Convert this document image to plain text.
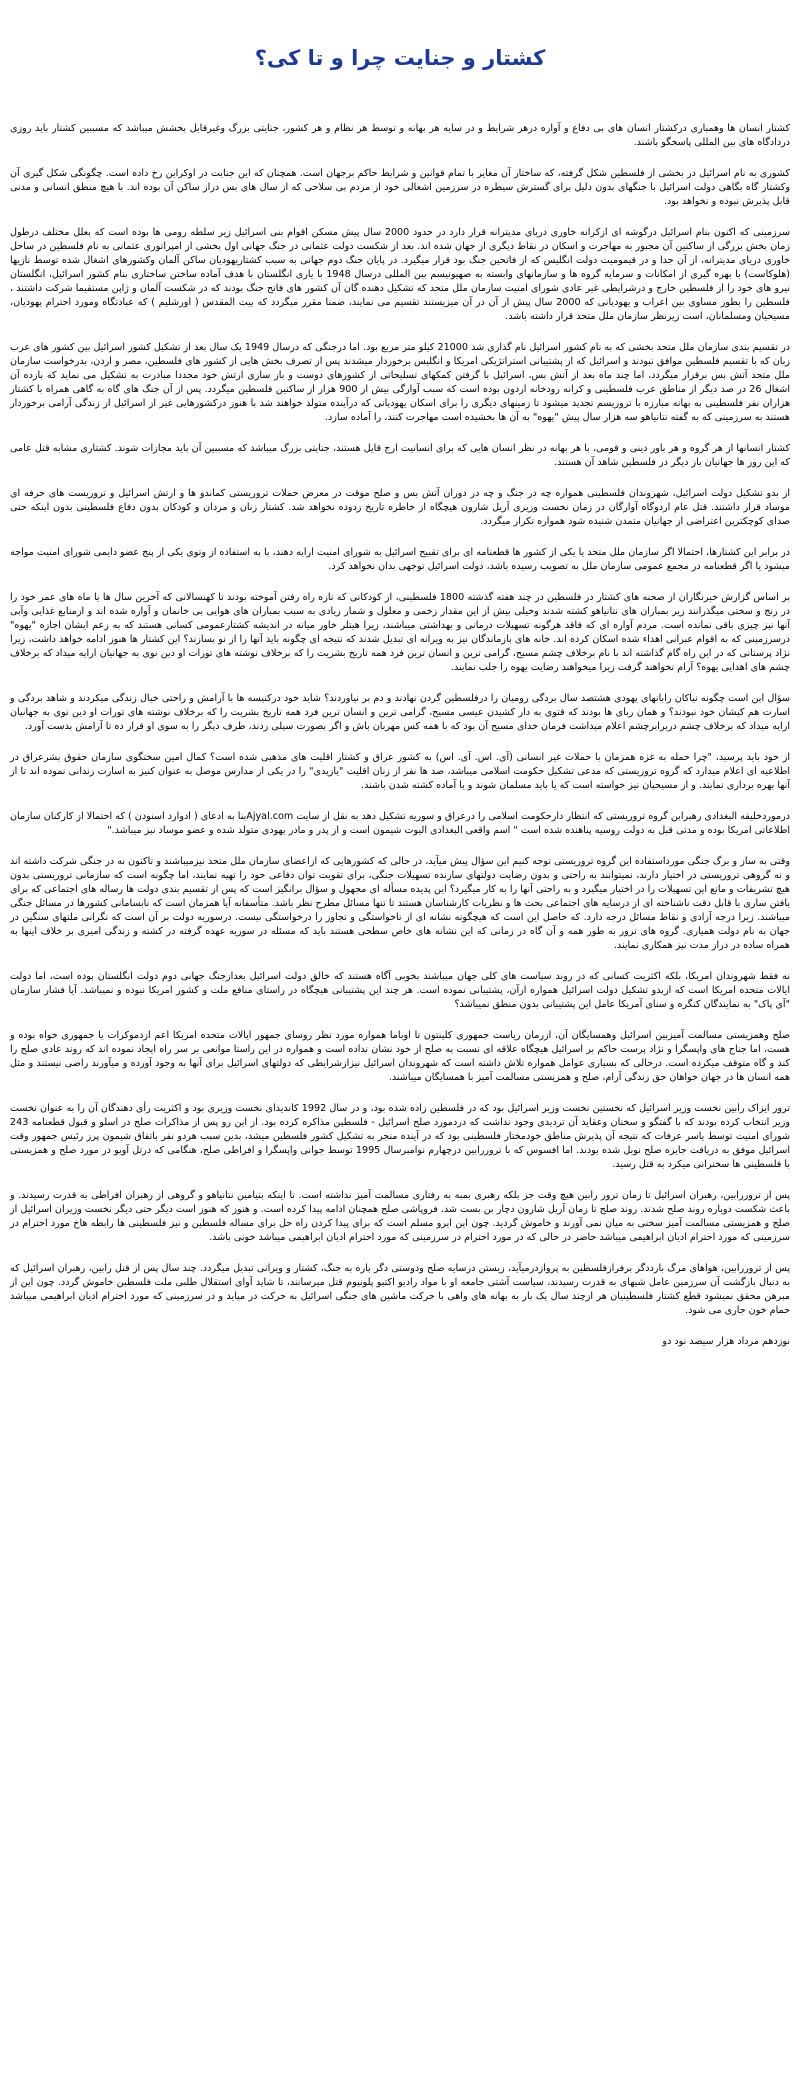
کشتار و جنایت چرا و تا کی؟

کشتار انسان ها وهمباری درکشتار انسان های بی دفاع و آواره درهر شرایط و در سایه هر بهانه و توسط هر نظام و هر کشور، جنایتی بزرگ وغیرقابل بخشش میباشد که مسببین کشتار باید روزی دردادگاه های بین المللی پاسخگو باشند.

کشوری به نام اسرائیل در بخشی از فلسطین شکل گرفته، که ساختار آن مغایر با تمام قوانین و شرایط حاکم برجهان است. همچنان که این جنایت در اوکراین رخ داده است. چگونگی شکل گیری آن وکشتار گاه بگاهی دولت اسرائیل با جنگهای بدون دلیل برای گسترش سیطره در سرزمین اشغالی خود از مردم بی سلاحی که از سال های بس دراز ساکن آن بوده اند. با هیچ منطق انسانی و مدنی قابل پذیرش نبوده و نخواهد بود.

سرزمینی که اکنون بنام اسرائیل درگوشه ای ازکرانه خاوری دریای مدیترانه قرار دارد در حدود 2000 سال پیش مسکن اقوام بنی اسرائیل زیر سلطه رومی ها بوده است که بعلل مختلف درطول زمان بخش بزرگی از ساکنین آن مجبور به مهاجرت و اسکان در نقاط دیگری از جهان شده اند. بعد از شکست دولت عثمانی در جنگ جهانی اول بخشی از امپراتوری عثمانی به نام فلسطین در ساحل خاوری دریای مدیترانه، از آن جدا و در قیمومیت دولت انگلیس که از فاتحین جنگ بود قرار میگیرد. در پایان جنگ دوم جهانی به سبب کشتاریهودیان ساکن آلمان وکشورهای اشغال شده توسط نازیها (هلوکاست) با بهره گیری از امکانات و سرمایه گروه ها و سازمانهای وابسته به صهیونیسم بین المللی درسال 1948 با یاری انگلستان با هدف آماده ساختن ساختاری بنام کشور اسرائیل، انگلستان نیرو های خود را از فلسطین خارج و درشرایطی غیر عادی شورای امنیت سازمان ملل متحد که تشکیل دهنده گان آن کشور های فاتح جنگ بودند که در شکست آلمان و ژاپن مستقیما شرکت داشتند ، فلسطین را بطور مساوی بین اعراب و یهودیانی که 2000 سال پیش از آن در آن میزیستند تقسیم می نمایند، ضمنا مقرر میگردد که بیت المقدس ( اورشلیم ) که عبادتگاه ومورد احترام یهودیان، مسیحیان ومسلمانان، است زیرنظر سازمان ملل متحد قرار داشته باشد.

در تقسیم بندی سازمان ملل متحد بخشی که به نام کشور اسرائیل نام گذاری شد 21000 کیلو متر مربع بود. اما درجنگی که درسال 1949 یک سال بعد از تشکیل کشور اسرائیل بین کشور های عرب زبان که با تقسیم فلسطین موافق نبودند و اسرائیل که از پشتیبانی استراتژیکی امریکا و انگلیس برخوردار میشدند پس از تصرف بخش هایی از کشور های فلسطین، مصر و اردن، بدرخواست سازمان ملل متحد آتش بس برقرار میگردد، اما چند ماه بعد از آتش بس، اسرائیل با گرفتن کمکهای تسلیحاتی از کشورهای دوست و باز سازی ارتش خود مجددا مبادرت به تشکیل می نماید که بازده آن اشغال 26 در صد دیگر از مناطق عرب فلسطینی و کرانه رودخانه اردون بوده است که سبب آوارگی بیش از 900 هزار از ساکنین فلسطین میگردد. پس از آن جنگ های گاه به گاهی همراه با کشتار هزاران نفر فلسطینی به بهانه مبارزه با تروریسم تجدید میشود تا زمینهای دیگری را برای اسکان یهودیانی که درآینده متولد خواهند شد با هنوز درکشورهایی غیر از اسرائیل از زندگی آرامی برخوردار هستند به سرزمینی که به گفته نتانیاهو سه هزار سال پیش "یهوه" به آن ها بخشیده است مهاجرت کنند، را آماده سازد.

کشتار انسانها از هر گروه و هر باور دینی و قومی، با هر بهانه در نظر انسان هایی که برای انسانیت ارج قایل هستند، جنایتی بزرگ میباشد که مسببین آن باید مجازات شوند. کشتاری مشابه قتل عامی که این روز ها جهانیان باز دیگر در فلسطین شاهد آن هستند.

از بدو تشکیل دولت اسرائیل، شهروندان فلسطینی همواره چه در جنگ و چه در دوران آتش بس و صلح موقت در معرض حملات تروریستی کماندو ها و ارتش اسرائیل و تروریست های حرفه ای موساد قرار داشتند. قتل عام اردوگاه آوارگان در زمان نخست وزیری آریل شارون هیچگاه از خاطره تاریخ زدوده نخواهد شد. کشتار زنان و مردان و کودکان بدون دفاع فلسطینی بدون اینکه حتی صدای کوچکترین اعتراضی از جهانیان متمدن شنیده شود همواره تکرار میگردد.

در برابر این کشتارها، احتمالا اگر سازمان ملل متحد یا یکی از کشور ها قطعنامه ای برای تقبیح اسرائیل به شورای امنیت ارایه دهند، با به استفاده از وتوی یکی از پنج عضو دایمی شورای امنیت مواجه میشود یا اگر قطعنامه در مجمع عمومی سازمان ملل به تصویب رسیده باشد، دولت اسرائیل توجهی بدان نخواهد کرد.

بر اساس گزارش خبرنگاران از صحنه های کشتار در فلسطین در چند هفته گذشته 1800 فلسطینی، از کودکانی که تازه راه رفتن آموخته بودند تا کهنسالانی که آخرین سال ها یا ماه های عمر خود را در رنج و سختی میگذرانند زیر بمباران های نتانیاهو کشته شدند وخیلی بیش از این مقدار زخمی و معلول و شمار زیادی به سبب بمباران های هوایی بی خانمان و آواره شده اند و ازمنابع غذایی وآبی آنها نیز چیزی باقی نمانده است. مردم آواره ای که فاقد هرگونه تسهیلات درمانی و بهداشتی میباشند، زیرا هیتلر خاور میانه در اندیشه کشتارعمومی کسانی هستند که به زعم ایشان اجازه "یهوه" درسرزمینی که به اقوام عبرانی اهداء شده اسکان کرده اند. خانه های بازماندگان نیز به ویرانه ای تبدیل شدند که نتیجه ای چگونه باید آنها را از نو بسازند؟ این کشتار ها هنوز ادامه خواهد داشت، زیرا نژاد پرستانی که در این راه گام گذاشته اند با نام برخلاف چشم مسیح، گرامی ترین و انسان ترین فرد همه تاریخ بشریت را که برخلاف نوشته های تورات او دین نوی به جهانیان ارایه میداد که برخلاف چشم های اهدایی یهوه؟ آرام نخواهند گرفت زیرا میخواهند رضایت یهوه را جلب نمایند.

سؤال این است چگونه نیاکان رابانهای یهودی هشتصد سال بردگی رومیان را درفلسطین گردن نهادند و دم بر نیاوردند؟ شاید خود درکنیسه ها با آرامش و راحتی خیال زندگی میکردند و شاهد بردگی و اسارت هم کیشان خود نبودند؟ و همان ربای ها بودند که قتوی به دار کشیدن عیسی مسیح، گرامی ترین و انسان ترین فرد همه تاریخ بشریت را که برخلاف نوشته های تورات او دین نوی به جهانیان ارایه میداد که برخلاف چشم دربرابرچشم اعلام میداشت فرمان خدای مسیح آن بود که با همه کس مهربان باش و اگر بصورت سیلی زدند، طرف دیگر را به سوی او قرار ده تا آرامش بدست آورد.

از خود باید پرسید، "چرا حمله به غزه همزمان با حملات غیر انسانی (آی. اس. آی. اس) به کشور عراق و کشتار اقلیت های مذهبی شده است؟ کمال امین سخنگوی سازمان حقوق بشرعراق در اطلاعیه ای اعلام میدارد که گروه تروریستی که مدعی تشکیل حکومت اسلامی میباشد، صد ها نفر از زنان اقلیت "یازیدی" را در یکی از مدارس موصل به عنوان کنیز به اسارت زندانی نموده اند تا از آنها بهره برداری نمایند. و از مسیحیان نیز خواسته است که یا باید مسلمان شوند و یا آماده کشته شدن باشند.

درموردخلیفه البغدادی رهبراین گروه تروریستی که انتظار دارحکومت اسلامی را درعراق و سوریه تشکیل دهد به نقل از سایت Ajyal.comبنا به ادعای ( ادوارد اسنودن ) که احتمالا از کارکنان سازمان اطلاعاتی امریکا بوده و مدتی قبل به دولت روسیه پناهنده شده است " اسم واقعی البغدادی الیوت شیمون است و از پدر و مادر یهودی متولد شده و عضو موساد نیز میباشد."

وقتی به ساز و برگ جنگی مورداستفاده این گروه تروریستی توجه کنیم این سؤال پیش میآید، در حالی که کشورهایی که ازاعضای سازمان ملل متحد نیزمیباشند و تاکنون نه در جنگی شرکت داشته اند و نه گروهی تروریستی در اختیار دارند، نمیتوانند به راحتی و بدون رضایت دولتهای سازنده تسهیلات جنگی، برای تقویت توان دفاعی خود را تهیه نمایند، اما چگونه است که سازمانی تروریستی بدون هیچ تشریفات و مانع این تسهیلات را در اختیار میگیرد و به راحتی آنها را به کار میگیرد؟ این پدیده مسأله ای مجهول و سؤال برانگیز است که پس از تقسیم بندی دولت ها رساله های اجتماعی که برای بافتن ساری با قابل دقت ناشناخته ای از درسایه های اجتماعی بحث ها و نظریات کارشناسان هستند تا تنها مسائل مطرح نظر باشد. متأسفانه آیا همزمان است که نابسامانی کشورها در مسائل جنگی میباشند. زیرا درجه آزادی و نقاط مسائل درجه دارد. که حاصل این است که هیچگونه نشانه ای از ناخواستگی و تجاوز را درخواستگی نیست. درسوریه دولت بر آن است که نگرانی ملتهای سنگین در جهان به نام دولت همیاری. گروه های ترور به طور همه و آن گاه در زمانی که این نشانه های خاص سطحی هستند باید که مسئله در سوریه عهده گرفته در کشته و زندگی امیری بر خلاف اینها به همراه ساده در دراز مدت نیز همکاری نمایند.

نه فقط شهروندان امریکا، بلکه اکثریت کسانی که در روند سیاست های کلی جهان میباشند بخوبی آگاه هستند که خالق دولت اسرائیل بعدازجنگ جهانی دوم دولت انگلستان بوده است، اما دولت ایالات متحده امریکا است که ازبدو تشکیل دولت اسرائیل همواره ازآن، پشتیبانی نموده است. هر چند این پشتیبانی هیچگاه در راستای منافع ملت و کشور امریکا نبوده و نمیباشد. آیا فشار سازمان "آی پاک" به نمایندگان کنگره و سنای آمریکا عامل این پشتیبانی بدون منطق نمیباشد؟

صلح وهمزیستی مسالمت آمیزبین اسرائیل وهمسایگان آن، ازرمان ریاست جمهوری کلینتون تا اوباما همواره مورد نظر روسای جمهور ایالات متحده امریکا اعم ازدموکرات یا جمهوری خواه بوده و هست، اما جناح های واپسگرا و نژاد پرست حاکم بر اسرائیل هیچگاه علاقه ای نسبت به صلح از خود نشان نداده است و همواره در این راستا موانعی بر سر راه ایجاد نموده اند که روند عادی صلح را کند و گاه متوقف میکرده است. درحالی که بسیاری عوامل همواره تلاش داشته است که شهروندان اسرائیل نیزازشرایطی که دولتهای اسرائیل برای آنها به وجود آورده و میآورند راضی نیستند و مثل همه انسان ها در جهان خواهان حق زندگی آرام، صلح و همزیستی مسالمت آمیز با همسایگان میباشند.

ترور ایزاک رابین نخست وزیر اسرائیل که نخستین نخست وزیر اسرائیل بود که در فلسطین زاده شده بود، و در سال 1992 کاندیدای نخست وزیری بود و اکثریت رأی دهندگان آن را به عنوان نخست وزیر انتخاب کرده بودند که با گفتگو و سخنان وعقاید آن تردیدی وجود نداشت که دردمورد صلح اسرائیل - فلسطین مذاکره کرده بود. از این رو پس از مذاکرات صلح در اسلو و قبول قطعنامه 243 شورای امنیت توسط یاسر عرفات که نتیجه آن پذیرش مناطق خودمختار فلسطینی بود که در آینده منجر به تشکیل کشور فلسطین میشد، بدین سبب هردو نفر باتفاق شیمون پرز رئیس جمهور وقت اسرائیل موفق به دریافت جایزه صلح نوبل شده بودند. اما افسوس که با تروررابین درچهارم نوامبرسال 1995 توسط جوانی واپسگرا و افراطی صلح، هنگامی که درتل آویو در مورد صلح و همزیستی با فلسطینی ها سخنرانی میکرد به قتل رسید.

پس از تروررابین، رهبران اسرائیل تا زمان ترور رابین هیچ وقت جز بلکه رهبری بمبه به رفتاری مسالمت آمیز نداشته است. تا اینکه بنیامین نتانیاهو و گروهی از رهبران افراطی به قدرت رسیدند. و باعث شکست دوباره روند صلح شدند. روند صلح تا زمان آریل شارون دچار بن بست شد. فروپاشی صلح همچنان ادامه پیدا کرده است. و هنوز که هنوز است دیگر حتی دیگر نخست وزیران اسرائیل از صلح و همزیستی مسالمت آمیز سخنی به میان نمی آورند و خاموش گردید. چون این ایرو مسلم است که برای پیدا کردن راه حل برای مساله فلسطین و نیز فلسطینی ها رابطه هاخ مورد احترام در سرزمینی که مورد احترام ادیان ابراهیمی میباشد حاضر در حالی که در مورد احترام در سرزمینی که مورد احترام ادیان ابراهیمی میباشد خونی باشد.

پس از تروررابین، هواهای مرگ بارددگر برفرازفلسطین به پروازدرمیآید، زیستن درسایه صلح ودوستی دگر باره به جنگ، کشتار و ویرانی تبدیل میگردد. چند سال پس از قتل رابین، رهبران اسرائیل که به دنبال بازگشت آن سرزمین عامل شیهای به قدرت رسیدند، سیاست آشتی جامعه او با مواد رادیو اکتیو پلونیوم قتل میرسانند، تا شاید آوای استقلال طلبی ملت فلسطین خاموش گردد. چون این از مبرهن محقق نمیشود قطع کشتار فلسطینیان هر ازچند سال یک بار به بهانه های واهی با حرکت ماشین های جنگی اسرائیل به حرکت در میاید و در سرزمینی که مورد احترام ادیان ابراهیمی میباشد حمام خون جاری می شود.

نوزدهم مرداد هزار سیصد نود دو
